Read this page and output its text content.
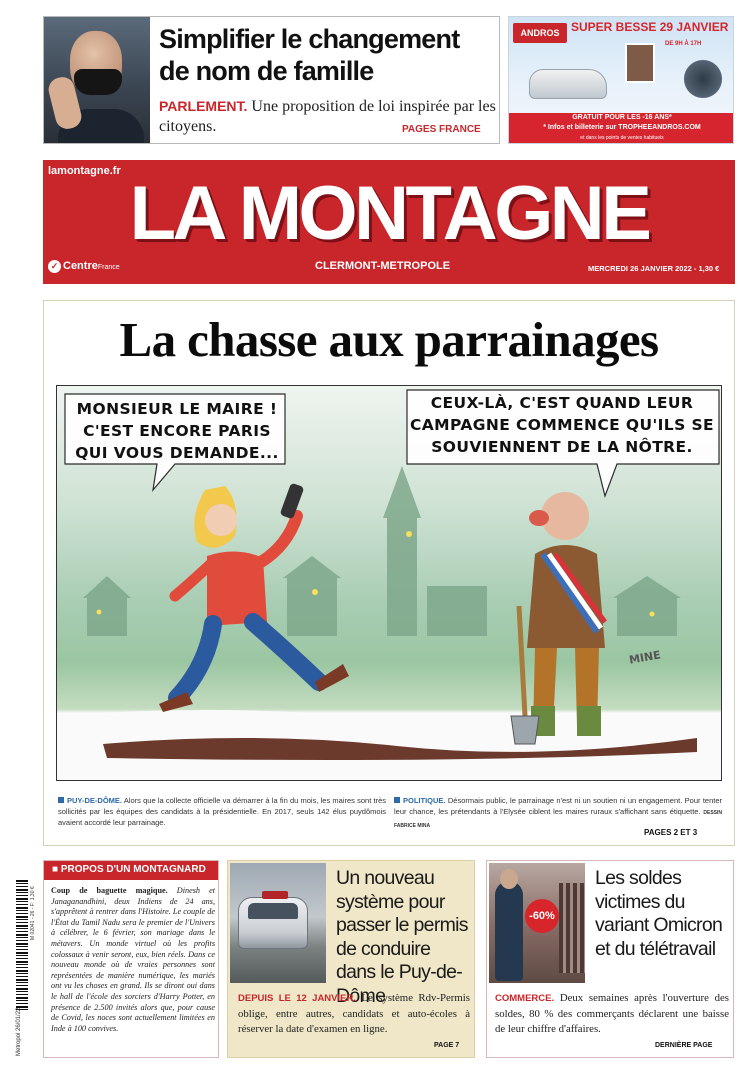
Simplifier le changement de nom de famille
PARLEMENT. Une proposition de loi inspirée par les citoyens.	PAGES FRANCE
ANDROS SUPER BESSE 29 JANVIER
DE 9H À 17H
GRATUIT POUR LES -16 ANS*
* Infos et billeterie sur TROPHEEANDROS.COM
et dans les points de ventes habituels
lamontagne.fr LA MONTAGNE
✓ CentreFrance	CLERMONT-METROPOLE	MERCREDI 26 JANVIER 2022 - 1,30 €
La chasse aux parrainages
MONSIEUR LE MAIRE ! C'EST ENCORE PARIS QUI VOUS DEMANDE...
CEUX-LÀ, C'EST QUAND LEUR CAMPAGNE COMMENCE QU'ILS SE SOUVIENNENT DE LA NÔTRE.
MINE
PUY-DE-DÔME. Alors que la collecte officielle va démarrer à la fin du mois, les maires sont très sollicités par les équipes des candidats à la présidentielle. En 2017, seuls 142 élus puydômois avaient accordé leur parrainage.
POLITIQUE. Désormais public, le parrainage n'est ni un soutien ni un engagement. Pour tenter leur chance, les prétendants à l'Elysée ciblent les maires ruraux s'affichant sans étiquette. DESSIN FABRICE MINA
PAGES 2 ET 3
M 02041 - 26 - F: 1,30 €
Metropol 26/01/22
■ PROPOS D'UN MONTAGNARD
Coup de baguette magique. Dinesh et Janaganandhini, deux Indiens de 24 ans, s'apprêtent à rentrer dans l'Histoire. Le couple de l'État du Tamil Nadu sera le premier de l'Univers à célébrer, le 6 février, son mariage dans le métavers. Un monde virtuel où les profits colossaux à venir seront, eux, bien réels. Dans ce nouveau monde où de vraies personnes sont représentées de manière numérique, les mariés ont vu les choses en grand. Ils se diront oui dans le hall de l'école des sorciers d'Harry Potter, en présence de 2.500 invités alors que, pour cause de Covid, les noces sont actuellement limitées en Inde à 100 convives.
Un nouveau système pour passer le permis de conduire dans le Puy-de-Dôme
DEPUIS LE 12 JANVIER. Le système Rdv-Permis oblige, entre autres, candidats et auto-écoles à réserver la date d'examen en ligne.
PAGE 7
-60%
Les soldes victimes du variant Omicron et du télétravail
COMMERCE. Deux semaines après l'ouverture des soldes, 80 % des commerçants déclarent une baisse de leur chiffre d'affaires.
DERNIÈRE PAGE
